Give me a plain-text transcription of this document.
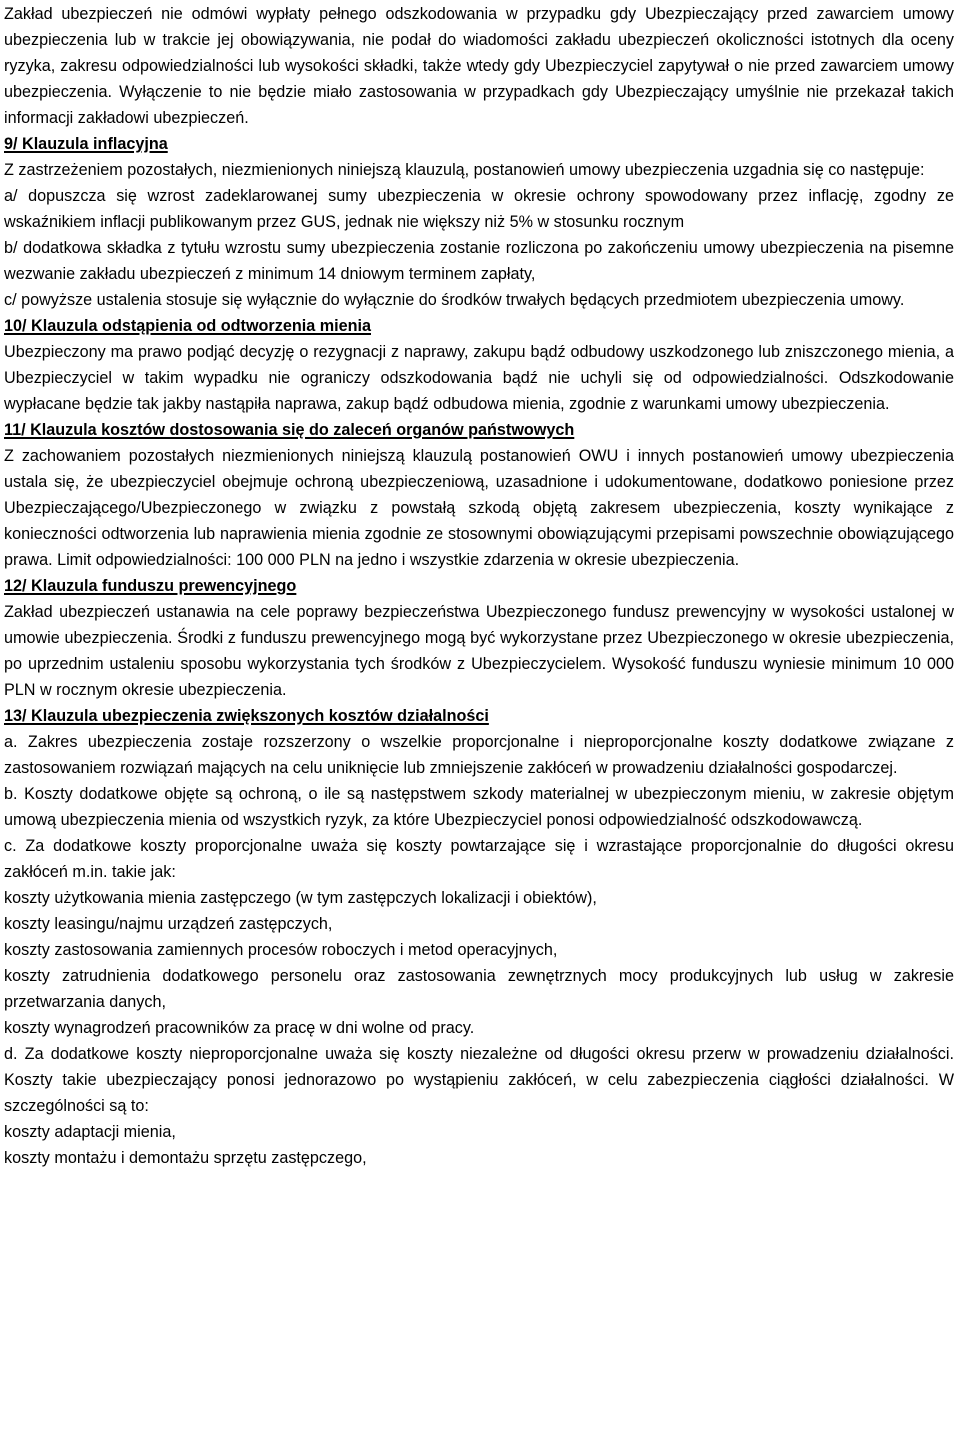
Zakład ubezpieczeń nie odmówi wypłaty pełnego odszkodowania w przypadku gdy Ubezpieczający przed zawarciem umowy ubezpieczenia lub w trakcie jej obowiązywania, nie podał do wiadomości zakładu ubezpieczeń okoliczności istotnych dla oceny ryzyka, zakresu odpowiedzialności lub wysokości składki, także wtedy gdy Ubezpieczyciel zapytywał o nie przed zawarciem umowy ubezpieczenia. Wyłączenie to nie będzie miało zastosowania w przypadkach gdy Ubezpieczający umyślnie nie przekazał takich informacji zakładowi ubezpieczeń.

9/ Klauzula inflacyjna

Z zastrzeżeniem pozostałych, niezmienionych niniejszą klauzulą, postanowień umowy ubezpieczenia uzgadnia się co następuje:

a/ dopuszcza się wzrost zadeklarowanej sumy ubezpieczenia w okresie ochrony spowodowany przez inflację, zgodny ze wskaźnikiem inflacji publikowanym przez GUS, jednak nie większy niż 5% w stosunku rocznym

b/ dodatkowa składka z tytułu wzrostu sumy ubezpieczenia zostanie rozliczona po zakończeniu umowy ubezpieczenia na pisemne wezwanie zakładu ubezpieczeń z minimum 14 dniowym terminem zapłaty,

c/ powyższe ustalenia stosuje się wyłącznie do wyłącznie do środków trwałych będących przedmiotem ubezpieczenia umowy.

10/ Klauzula odstąpienia od odtworzenia mienia

Ubezpieczony ma prawo podjąć decyzję o rezygnacji z naprawy, zakupu bądź odbudowy uszkodzonego lub zniszczonego mienia, a Ubezpieczyciel w takim wypadku nie ograniczy odszkodowania bądź nie uchyli się od odpowiedzialności. Odszkodowanie wypłacane będzie tak jakby nastąpiła naprawa, zakup bądź odbudowa mienia, zgodnie z warunkami umowy ubezpieczenia.

11/ Klauzula kosztów dostosowania się do zaleceń organów państwowych

Z zachowaniem pozostałych niezmienionych niniejszą klauzulą postanowień OWU i innych postanowień umowy ubezpieczenia ustala się, że ubezpieczyciel obejmuje ochroną ubezpieczeniową, uzasadnione i udokumentowane, dodatkowo poniesione przez Ubezpieczającego/Ubezpieczonego w związku z powstałą szkodą objętą zakresem ubezpieczenia, koszty wynikające z konieczności odtworzenia lub naprawienia mienia zgodnie ze stosownymi obowiązującymi przepisami powszechnie obowiązującego prawa. Limit odpowiedzialności: 100 000 PLN na jedno i wszystkie zdarzenia w okresie ubezpieczenia.

12/ Klauzula funduszu prewencyjnego

Zakład ubezpieczeń ustanawia na cele poprawy bezpieczeństwa Ubezpieczonego fundusz prewencyjny w wysokości ustalonej w umowie ubezpieczenia. Środki z funduszu prewencyjnego mogą być wykorzystane przez Ubezpieczonego w okresie ubezpieczenia, po uprzednim ustaleniu sposobu wykorzystania tych środków z Ubezpieczycielem. Wysokość funduszu wyniesie minimum 10 000 PLN w rocznym okresie ubezpieczenia.

13/ Klauzula ubezpieczenia zwiększonych kosztów działalności

a. Zakres ubezpieczenia zostaje rozszerzony o wszelkie proporcjonalne i nieproporcjonalne koszty dodatkowe związane z zastosowaniem rozwiązań mających na celu uniknięcie lub zmniejszenie zakłóceń w prowadzeniu działalności gospodarczej.

b. Koszty dodatkowe objęte są ochroną, o ile są następstwem szkody materialnej w ubezpieczonym mieniu, w zakresie objętym umową ubezpieczenia mienia od wszystkich ryzyk, za które Ubezpieczyciel ponosi odpowiedzialność odszkodowawczą.

c. Za dodatkowe koszty proporcjonalne uważa się koszty powtarzające się i wzrastające proporcjonalnie do długości okresu zakłóceń m.in. takie jak:

koszty użytkowania mienia zastępczego (w tym zastępczych lokalizacji i obiektów),

koszty leasingu/najmu urządzeń zastępczych,

koszty zastosowania zamiennych procesów roboczych i metod operacyjnych,

koszty zatrudnienia dodatkowego personelu oraz zastosowania zewnętrznych mocy produkcyjnych lub usług w zakresie przetwarzania danych,

koszty wynagrodzeń pracowników za pracę w dni wolne od pracy.

d. Za dodatkowe koszty nieproporcjonalne uważa się koszty niezależne od długości okresu przerw w prowadzeniu działalności. Koszty takie ubezpieczający ponosi jednorazowo po wystąpieniu zakłóceń, w celu zabezpieczenia ciągłości działalności. W szczególności są to:

koszty adaptacji mienia,

koszty montażu i demontażu sprzętu zastępczego,
